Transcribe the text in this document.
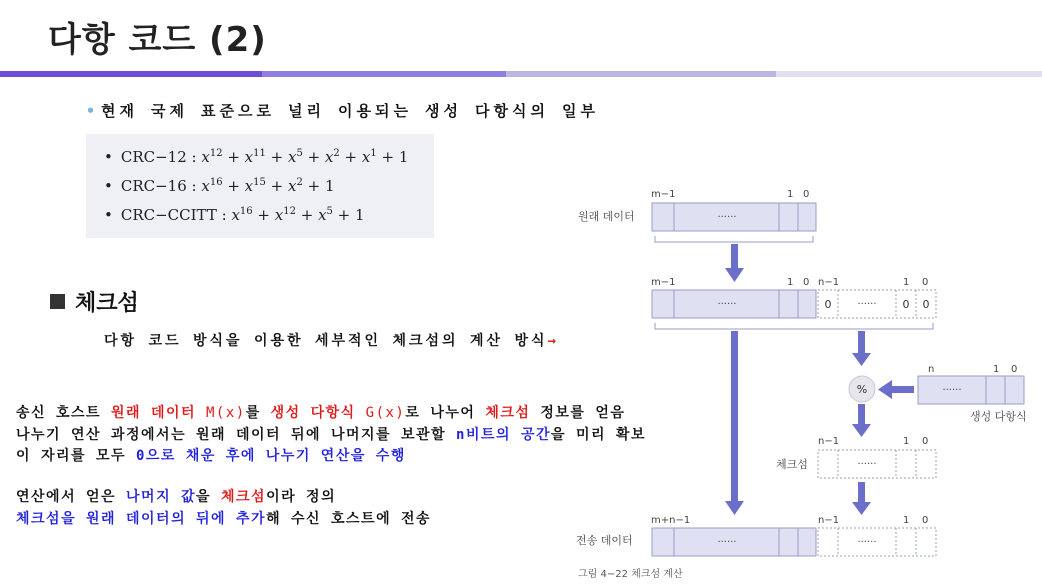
다항 코드 (2)
• 현재 국제 표준으로 널리 이용되는 생성 다항식의 일부
• CRC−12 : $x^{12} + x^{11} + x^5 + x^2 + x^1 + 1$
• CRC−16 : $x^{16} + x^{15} + x^2 + 1$
• CRC−CCITT : $x^{16} + x^{12} + x^5 + 1$
체크섬
다항 코드 방식을 이용한 세부적인 체크섬의 계산 방식→
송신 호스트 원래 데이터 M(x)를 생성 다항식 G(x)로 나누어 체크섬 정보를 얻음
나누기 연산 과정에서는 원래 데이터 뒤에 나머지를 보관할 n비트의 공간을 미리 확보
이 자리를 모두 0으로 채운 후에 나누기 연산을 수행
연산에서 얻은 나머지 값을 체크섬이라 정의
체크섬을 원래 데이터의 뒤에 추가해 수신 호스트에 전송
m−1	1 0
원래 데이터
m−1	1 0 n−1	1 0
n	1 0
생성 다항식
n−1	1 0
체크섬
m+n−1	n−1	1 0
전송 데이터
그림 4−22 체크섬 계산
······
······	0	······ 0 0
······
%
······
······	······
